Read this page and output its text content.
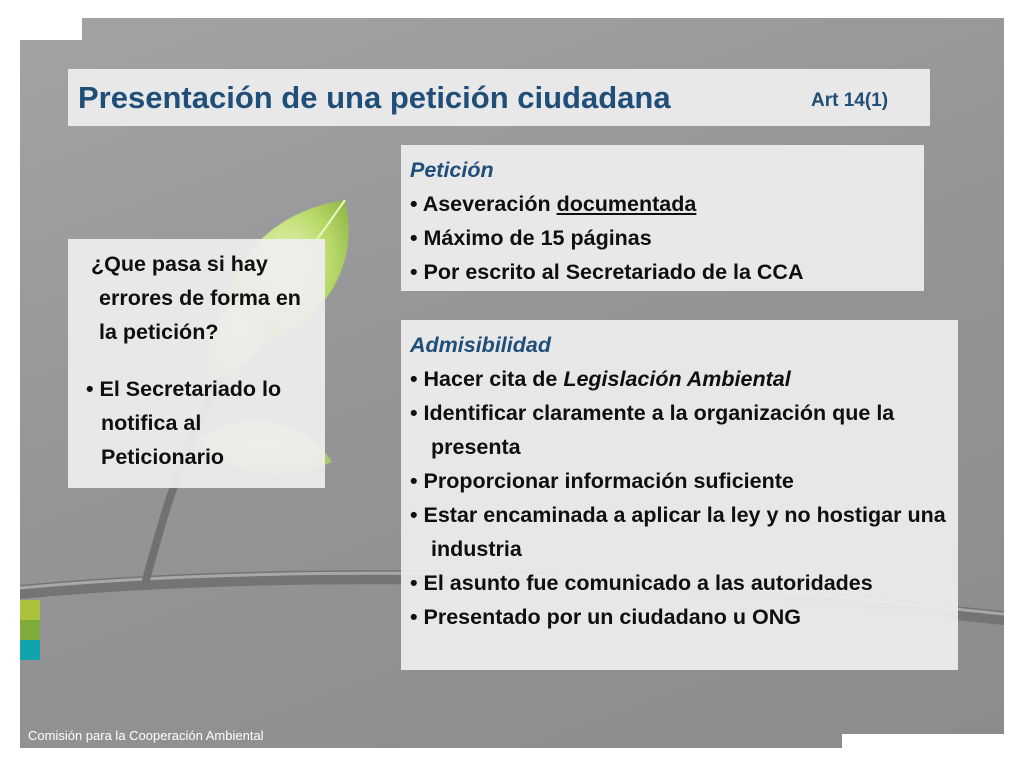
Presentación de una petición ciudadana	Art 14(1)
Petición
• Aseveración documentada
• Máximo de 15 páginas
• Por escrito al Secretariado de la CCA
Admisibilidad
• Hacer cita de Legislación Ambiental
• Identificar claramente a la organización que la presenta
• Proporcionar información suficiente
• Estar encaminada a aplicar la ley y no hostigar una industria
• El asunto fue comunicado a las autoridades
• Presentado por un ciudadano u ONG
¿Que pasa si hay errores de forma en la petición?
• El Secretariado lo notifica al Peticionario
Comisión para la Cooperación Ambiental
